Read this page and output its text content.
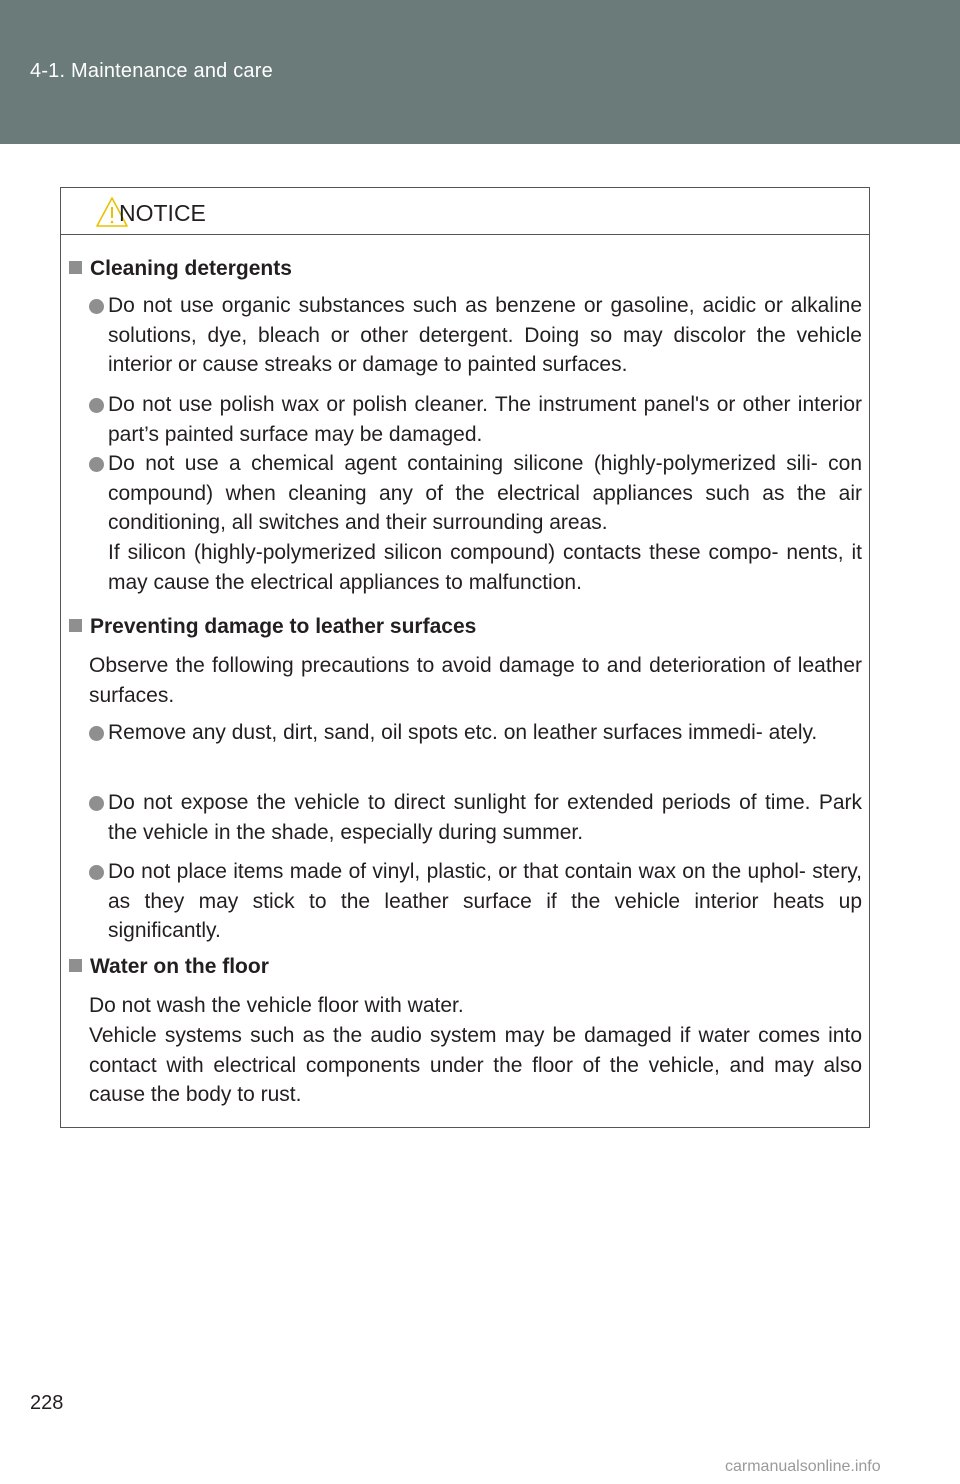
4-1. Maintenance and care
NOTICE
Cleaning detergents
Do not use organic substances such as benzene or gasoline, acidic or alkaline solutions, dye, bleach or other detergent. Doing so may discolor the vehicle interior or cause streaks or damage to painted surfaces.
Do not use polish wax or polish cleaner. The instrument panel's or other interior part’s painted surface may be damaged.
Do not use a chemical agent containing silicone (highly-polymerized sili- con compound) when cleaning any of the electrical appliances such as the air conditioning, all switches and their surrounding areas.
If silicon (highly-polymerized silicon compound) contacts these compo- nents, it may cause the electrical appliances to malfunction.
Preventing damage to leather surfaces
Observe the following precautions to avoid damage to and deterioration of leather surfaces.
Remove any dust, dirt, sand, oil spots etc. on leather surfaces immedi- ately.
Do not expose the vehicle to direct sunlight for extended periods of time. Park the vehicle in the shade, especially during summer.
Do not place items made of vinyl, plastic, or that contain wax on the uphol- stery, as they may stick to the leather surface if the vehicle interior heats up significantly.
Water on the floor
Do not wash the vehicle floor with water.
Vehicle systems such as the audio system may be damaged if water comes into contact with electrical components under the floor of the vehicle, and may also cause the body to rust.
228
carmanualsonline.info
